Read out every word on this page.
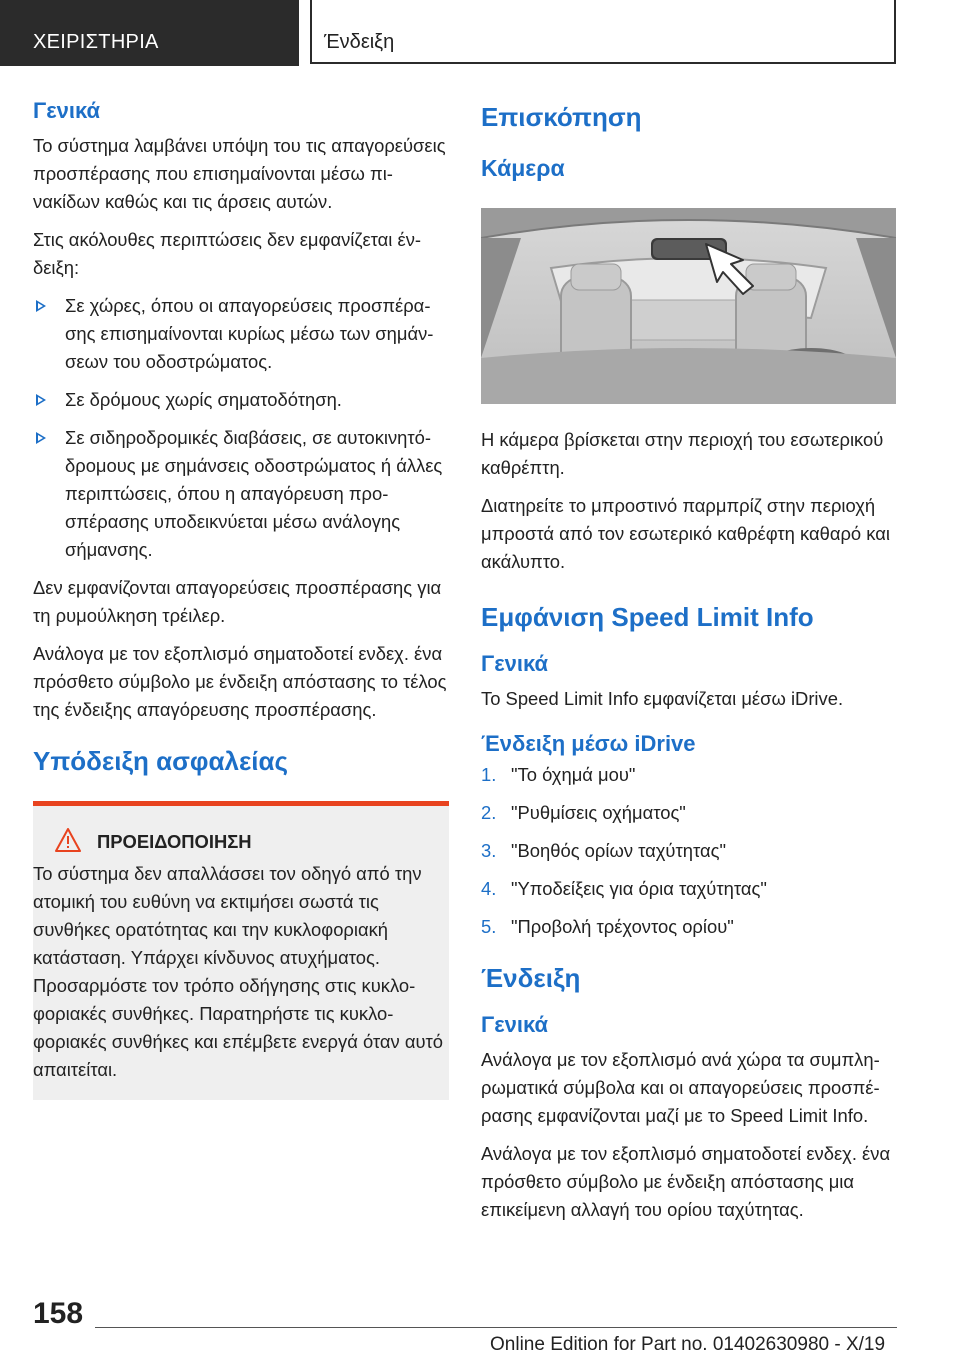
ΧΕΙΡΙΣΤΗΡΙΑ	Ένδειξη
Γενικά

Το σύστημα λαμβάνει υπόψη του τις απαγορεύσεις προσπέρασης που επισημαίνονται μέσω πινακίδων καθώς και τις άρσεις αυτών.

Στις ακόλουθες περιπτώσεις δεν εμφανίζεται ένδειξη:

Σε χώρες, όπου οι απαγορεύσεις προσπέρασης επισημαίνονται κυρίως μέσω των σημάνσεων του οδοστρώματος.
Σε δρόμους χωρίς σηματοδότηση.
Σε σιδηροδρομικές διαβάσεις, σε αυτοκινητόδρομους με σημάνσεις οδοστρώματος ή άλλες περιπτώσεις, όπου η απαγόρευση προσπέρασης υποδεικνύεται μέσω ανάλογης σήμανσης.

Δεν εμφανίζονται απαγορεύσεις προσπέρασης για τη ρυμούλκηση τρέιλερ.

Ανάλογα με τον εξοπλισμό σηματοδοτεί ενδεχ. ένα πρόσθετο σύμβολο με ένδειξη απόστασης το τέλος της ένδειξης απαγόρευσης προσπέρασης.

Υπόδειξη ασφαλείας
ΠΡΟΕΙΔΟΠΟΙΗΣΗ

Το σύστημα δεν απαλλάσσει τον οδηγό από την ατομική του ευθύνη να εκτιμήσει σωστά τις συνθήκες ορατότητας και την κυκλοφοριακή κατάσταση. Υπάρχει κίνδυνος ατυχήματος. Προσαρμόστε τον τρόπο οδήγησης στις κυκλοφοριακές συνθήκες. Παρατηρήστε τις κυκλοφοριακές συνθήκες και επέμβετε ενεργά όταν αυτό απαιτείται.

Επισκόπηση
Κάμερα

Η κάμερα βρίσκεται στην περιοχή του εσωτερικού καθρέπτη.

Διατηρείτε το μπροστινό παρμπρίζ στην περιοχή μπροστά από τον εσωτερικό καθρέφτη καθαρό και ακάλυπτο.

Εμφάνιση Speed Limit Info
Γενικά

Το Speed Limit Info εμφανίζεται μέσω iDrive.

Ένδειξη μέσω iDrive
1. "Το όχημά μου"
2. "Ρυθμίσεις οχήματος"
3. "Βοηθός ορίων ταχύτητας"
4. "Υποδείξεις για όρια ταχύτητας"
5. "Προβολή τρέχοντος ορίου"
Ένδειξη
Γενικά

Ανάλογα με τον εξοπλισμό ανά χώρα τα συμπληρωματικά σύμβολα και οι απαγορεύσεις προσπέρασης εμφανίζονται μαζί με το Speed Limit Info.

Ανάλογα με τον εξοπλισμό σηματοδοτεί ενδεχ. ένα πρόσθετο σύμβολο με ένδειξη απόστασης μια επικείμενη αλλαγή του ορίου ταχύτητας.

158
Online Edition for Part no. 01402630980 - X/19
